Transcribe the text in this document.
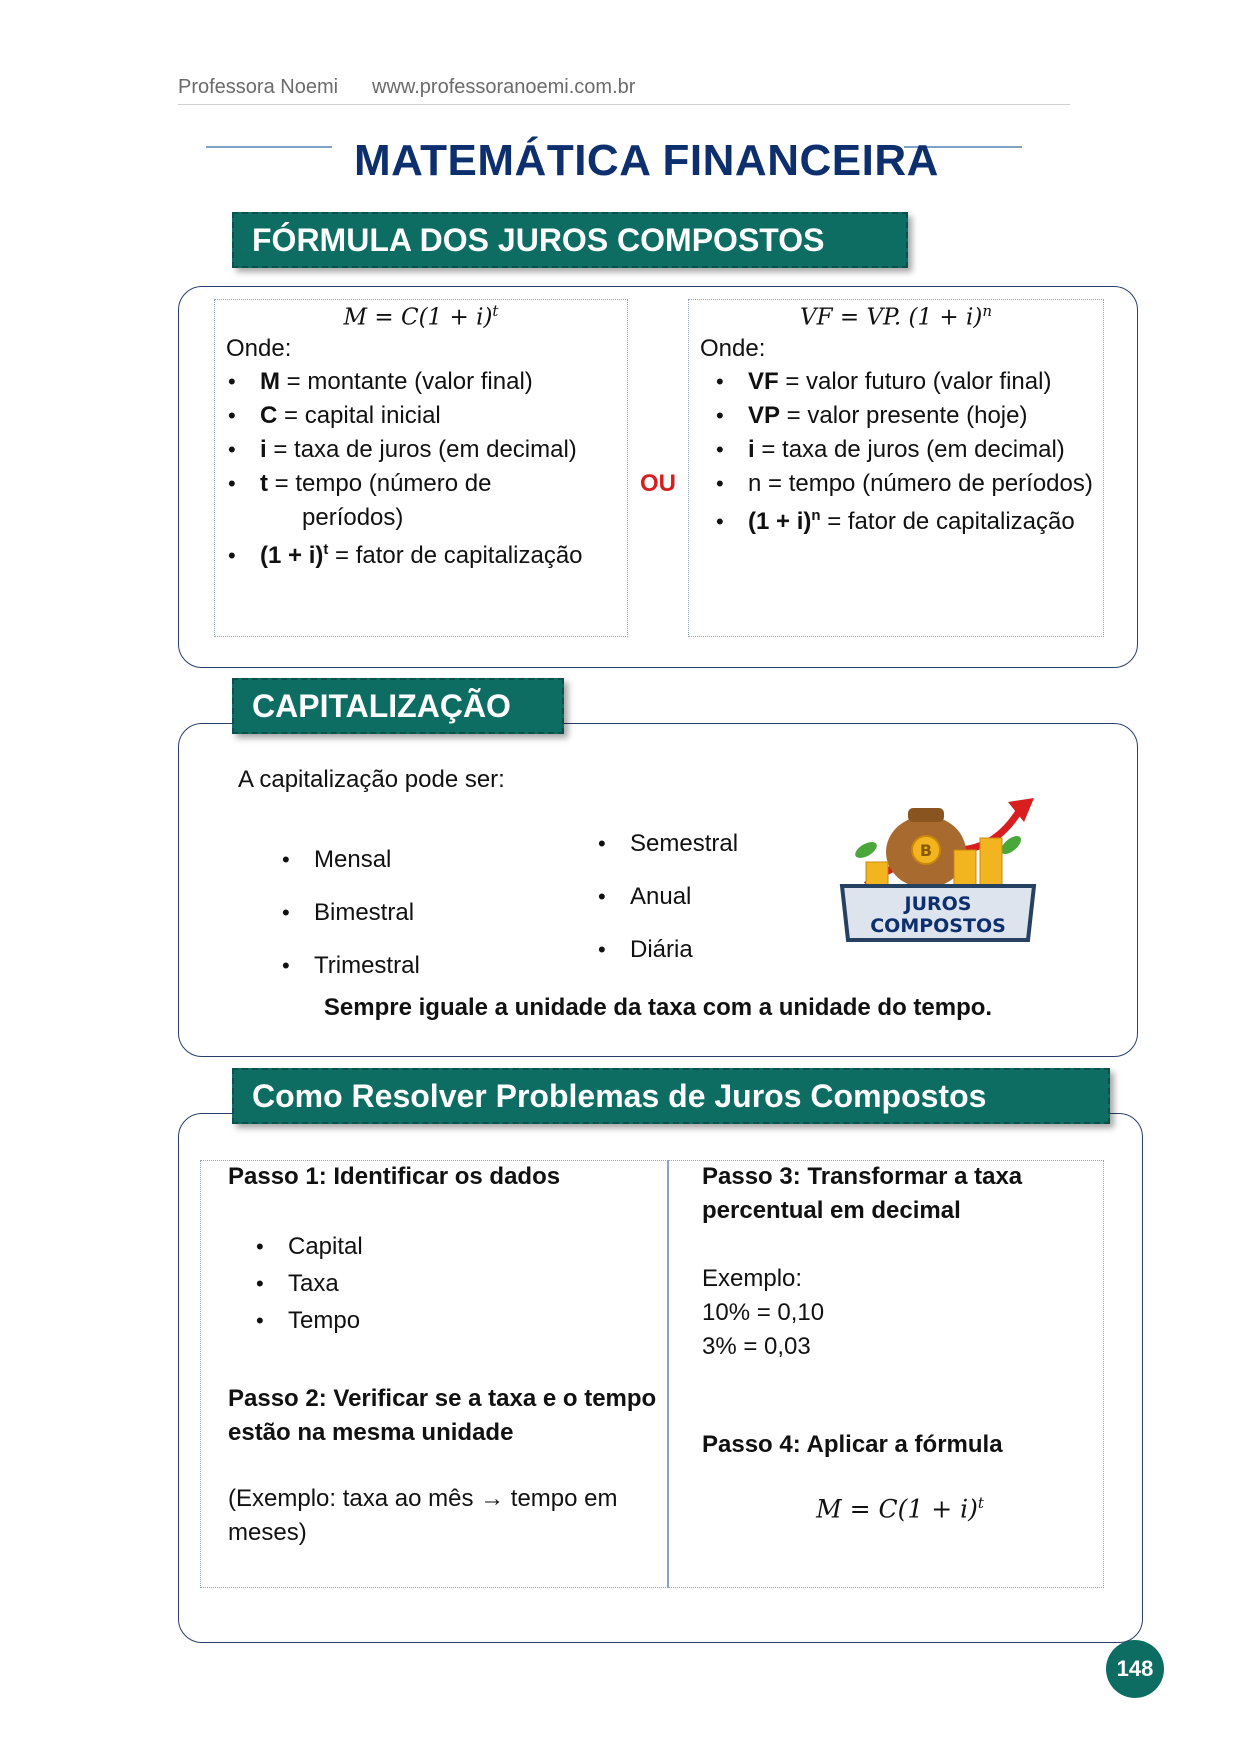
Professora Noemi www.professoranoemi.com.br
MATEMÁTICA FINANCEIRA
FÓRMULA DOS JUROS COMPOSTOS
$M = C(1 + i)^t$
Onde:
• M = montante (valor final)
• C = capital inicial
• i = taxa de juros (em decimal)
• t = tempo (número de
períodos)
• $(1 + i)^t$ = fator de capitalização
OU
VF = VP. $(1 + i)^n$
Onde:
• VF = valor futuro (valor final)
• VP = valor presente (hoje)
• i = taxa de juros (em decimal)
• n = tempo (número de períodos)
• $(1 + i)^n$ = fator de capitalização
CAPITALIZAÇÃO
A capitalização pode ser:
• Mensal
• Bimestral
• Trimestral
• Semestral
• Anual
• Diária
B
JUROS
COMPOSTOS
Sempre iguale a unidade da taxa com a unidade do tempo.
Como Resolver Problemas de Juros Compostos
Passo 1: Identificar os dados
• Capital
• Taxa
• Tempo
Passo 2: Verificar se a taxa e o tempo estão na mesma unidade
(Exemplo: taxa ao mês → tempo em meses)
Passo 3: Transformar a taxa percentual em decimal
Exemplo:
10% = 0,10
3% = 0,03
Passo 4: Aplicar a fórmula
$M = C(1 + i)^t$
148
